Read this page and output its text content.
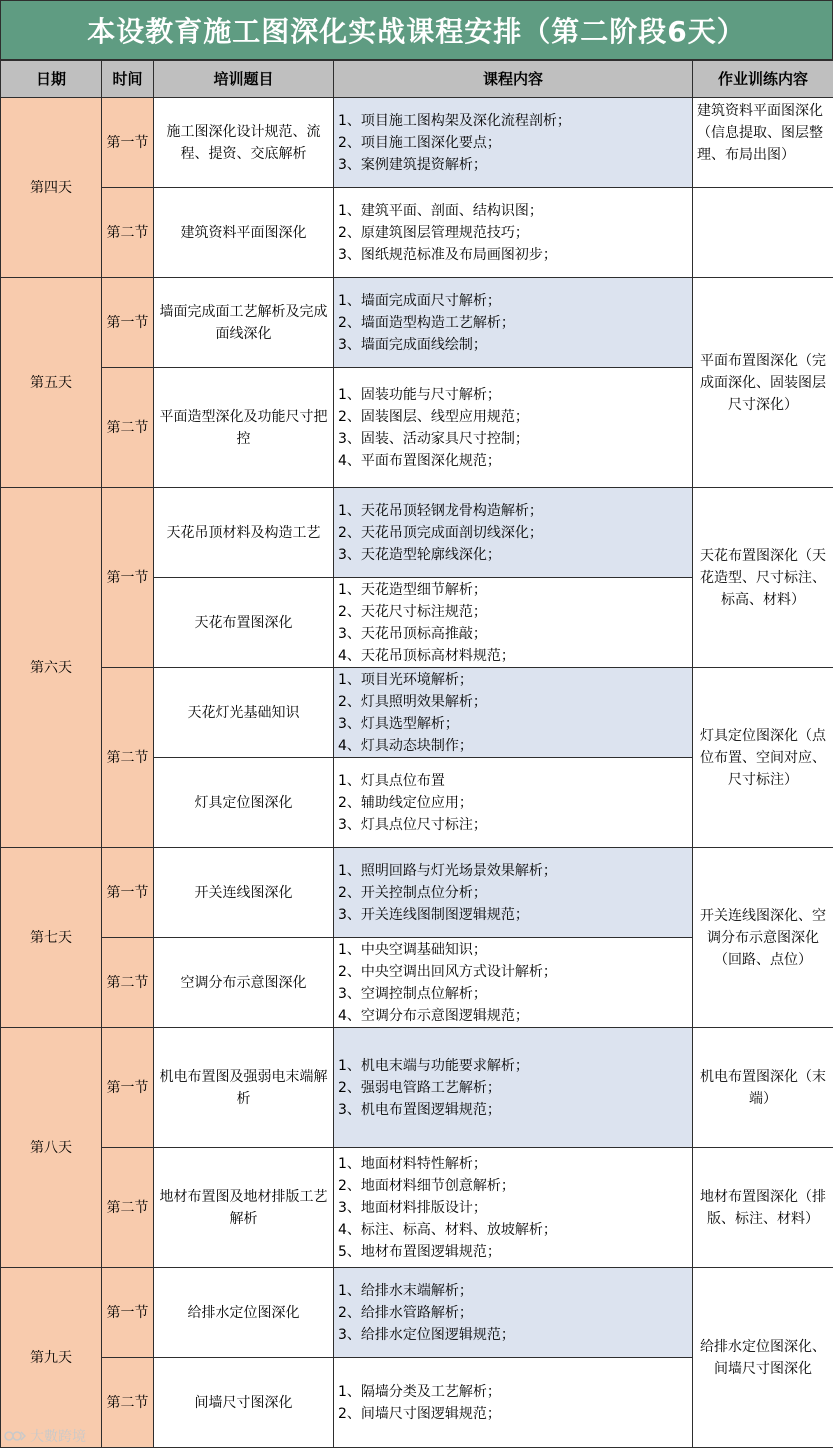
本设教育施工图深化实战课程安排（第二阶段6天）
日期	时间	培训题目	课程内容	作业训练内容
第四天	第一节	施工图深化设计规范、流程、提资、交底解析	1、项目施工图构架及深化流程剖析；
2、项目施工图深化要点；
3、案例建筑提资解析；	建筑资料平面图深化（信息提取、图层整理、布局出图）
	第二节	建筑资料平面图深化	1、建筑平面、剖面、结构识图；
2、原建筑图层管理规范技巧；
3、图纸规范标准及布局画图初步；	

第五天	第一节	墙面完成面工艺解析及完成面线深化	1、墙面完成面尺寸解析；
2、墙面造型构造工艺解析；
3、墙面完成面线绘制；	平面布置图深化（完成面深化、固装图层尺寸深化）
	第二节	平面造型深化及功能尺寸把控	1、固装功能与尺寸解析；
2、固装图层、线型应用规范；
3、固装、活动家具尺寸控制；
4、平面布置图深化规范；	

第六天	第一节	天花吊顶材料及构造工艺	1、天花吊顶轻钢龙骨构造解析；
2、天花吊顶完成面剖切线深化；
3、天花造型轮廓线深化；	天花布置图深化（天花造型、尺寸标注、标高、材料）
		天花布置图深化	1、天花造型细节解析；
2、天花尺寸标注规范；
3、天花吊顶标高推敲；
4、天花吊顶标高材料规范；	

	第二节	天花灯光基础知识	1、项目光环境解析；
2、灯具照明效果解析；
3、灯具选型解析；
4、灯具动态块制作；	灯具定位图深化（点位布置、空间对应、尺寸标注）
		灯具定位图深化	1、灯具点位布置
2、辅助线定位应用；
3、灯具点位尺寸标注；	

第七天	第一节	开关连线图深化	1、照明回路与灯光场景效果解析；
2、开关控制点位分析；
3、开关连线图制图逻辑规范；	开关连线图深化、空调分布示意图深化（回路、点位）
	第二节	空调分布示意图深化	1、中央空调基础知识；
2、中央空调出回风方式设计解析；
3、空调控制点位解析；
4、空调分布示意图逻辑规范；	

第八天	第一节	机电布置图及强弱电末端解析	1、机电末端与功能要求解析；
2、强弱电管路工艺解析；
3、机电布置图逻辑规范；	机电布置图深化（末端）
	第二节	地材布置图及地材排版工艺解析	1、地面材料特性解析；
2、地面材料细节创意解析；
3、地面材料排版设计；
4、标注、标高、材料、放坡解析；
5、地材布置图逻辑规范；	地材布置图深化（排版、标注、材料）
第九天	第一节	给排水定位图深化	1、给排水末端解析；
2、给排水管路解析；
3、给排水定位图逻辑规范；	给排水定位图深化、间墙尺寸图深化
	第二节	间墙尺寸图深化	1、隔墙分类及工艺解析；
2、间墙尺寸图逻辑规范；	
大數跨境
